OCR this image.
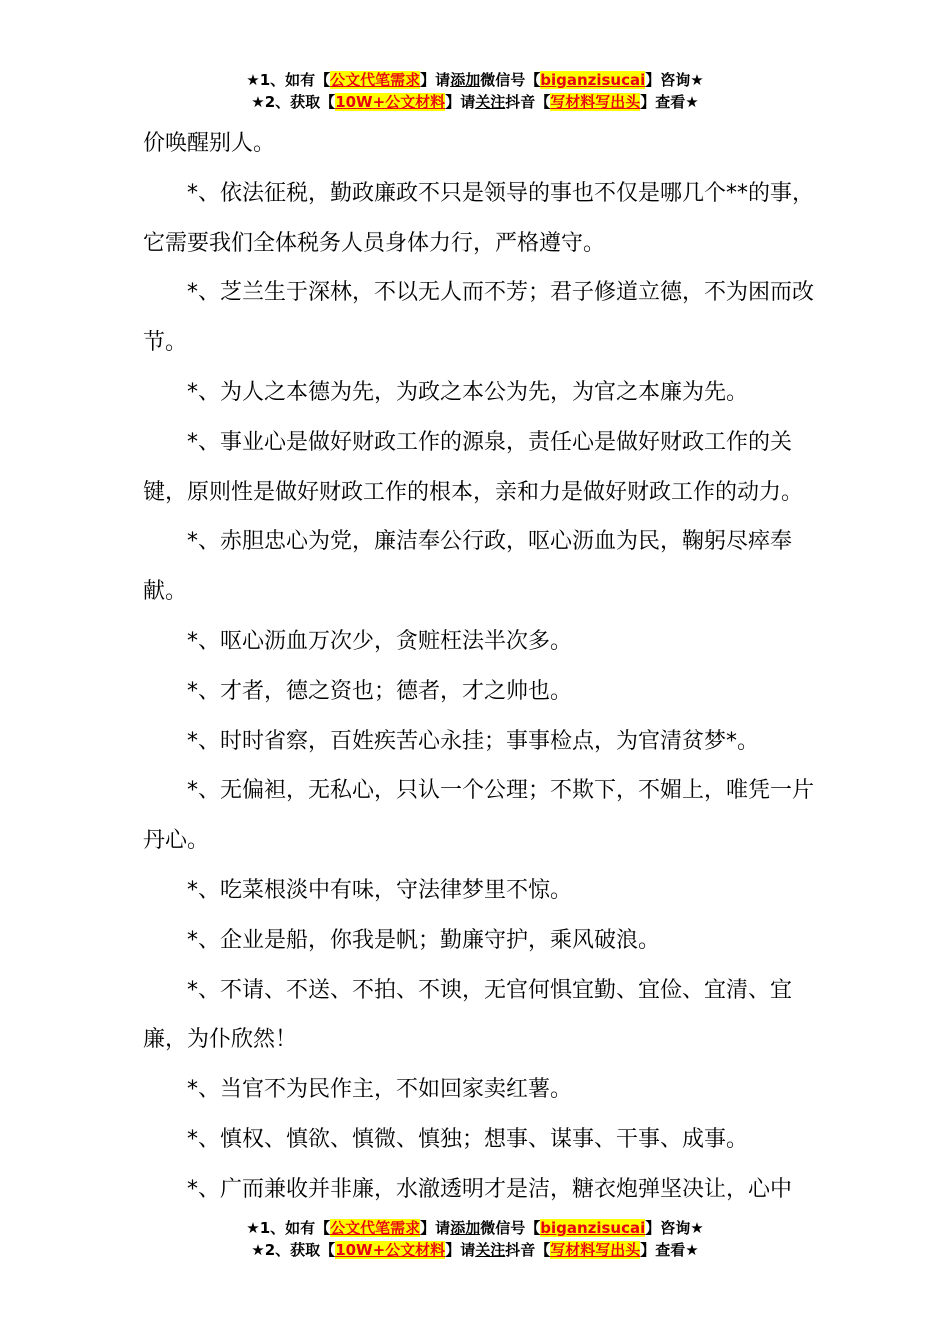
★1、如有【公文代笔需求】请添加微信号【biganzisucai】咨询★
★2、获取【10W+公文材料】请关注抖音【写材料写出头】查看★

价唤醒别人。

*、依法征税，勤政廉政不只是领导的事也不仅是哪几个**的事，它需要我们全体税务人员身体力行，严格遵守。

*、芝兰生于深林，不以无人而不芳；君子修道立德，不为困而改节。

*、为人之本德为先，为政之本公为先，为官之本廉为先。

*、事业心是做好财政工作的源泉，责任心是做好财政工作的关键，原则性是做好财政工作的根本，亲和力是做好财政工作的动力。

*、赤胆忠心为党，廉洁奉公行政，呕心沥血为民，鞠躬尽瘁奉献。

*、呕心沥血万次少，贪赃枉法半次多。

*、才者，德之资也；德者，才之帅也。

*、时时省察，百姓疾苦心永挂；事事检点，为官清贫梦*。

*、无偏袒，无私心，只认一个公理；不欺下，不媚上，唯凭一片丹心。

*、吃菜根淡中有味，守法律梦里不惊。

*、企业是船，你我是帆；勤廉守护，乘风破浪。

*、不请、不送、不拍、不谀，无官何惧宜勤、宜俭、宜清、宜廉，为仆欣然！

*、当官不为民作主，不如回家卖红薯。

*、慎权、慎欲、慎微、慎独；想事、谋事、干事、成事。

*、广而兼收并非廉，水澈透明才是洁，糖衣炮弹坚决让，心中

★1、如有【公文代笔需求】请添加微信号【biganzisucai】咨询★
★2、获取【10W+公文材料】请关注抖音【写材料写出头】查看★
